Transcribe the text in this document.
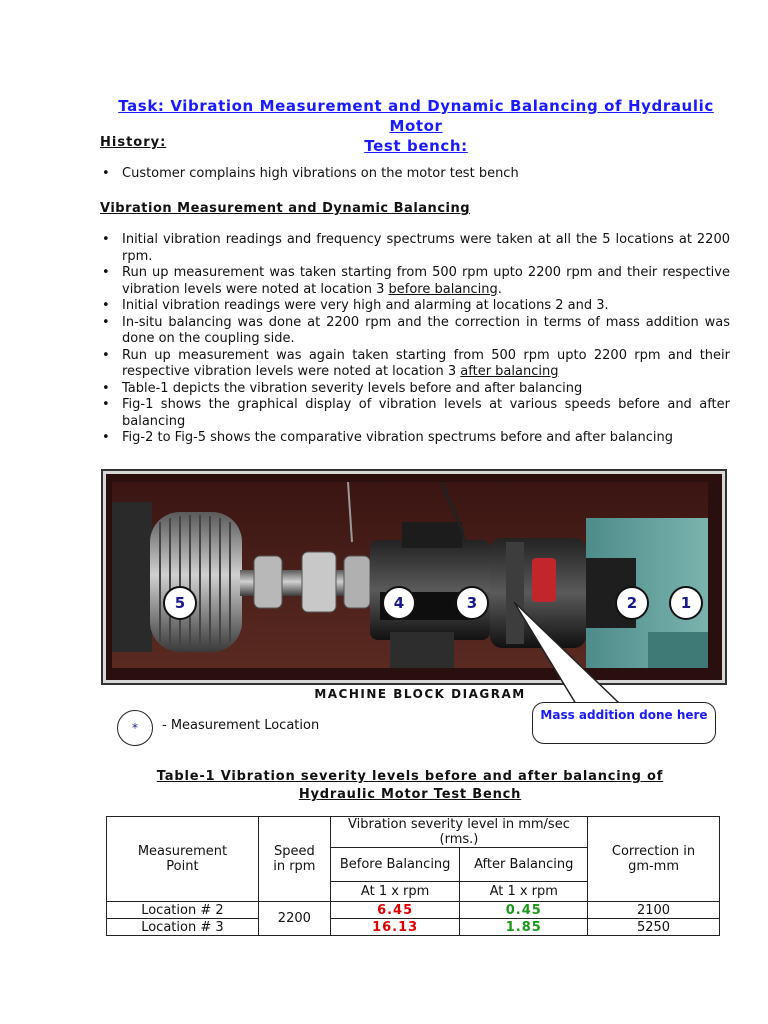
Task: Vibration Measurement and Dynamic Balancing of Hydraulic Motor
Test bench:
History:
• Customer complains high vibrations on the motor test bench
Vibration Measurement and Dynamic Balancing
• Initial vibration readings and frequency spectrums were taken at all the 5 locations at 2200 rpm.
• Run up measurement was taken starting from 500 rpm upto 2200 rpm and their respective vibration levels were noted at location 3 before balancing.
• Initial vibration readings were very high and alarming at locations 2 and 3.
• In-situ balancing was done at 2200 rpm and the correction in terms of mass addition was done on the coupling side.
• Run up measurement was again taken starting from 500 rpm upto 2200 rpm and their respective vibration levels were noted at location 3 after balancing
• Table-1 depicts the vibration severity levels before and after balancing
• Fig-1 shows the graphical display of vibration levels at various speeds before and after balancing
• Fig-2 to Fig-5 shows the comparative vibration spectrums before and after balancing
5	4	3	2	1
Mass addition done here
MACHINE BLOCK DIAGRAM
*	- Measurement Location
Table-1 Vibration severity levels before and after balancing of
Hydraulic Motor Test Bench
Measurement Point	Speed in rpm	Vibration severity level in mm/sec (rms.)		Correction in gm-mm
		Before Balancing	After Balancing	
		At 1 x rpm	At 1 x rpm	
Location # 2	2200	6.45	0.45	2100
Location # 3		16.13	1.85	5250
